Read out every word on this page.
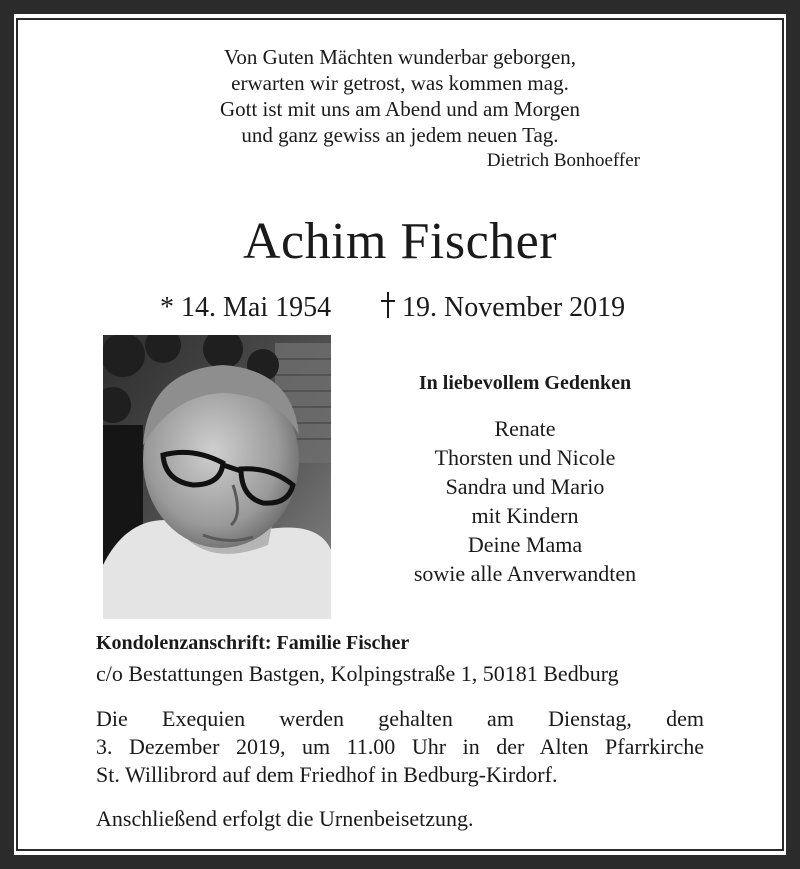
Von Guten Mächten wunderbar geborgen,
erwarten wir getrost, was kommen mag.
Gott ist mit uns am Abend und am Morgen
und ganz gewiss an jedem neuen Tag.
Dietrich Bonhoeffer
Achim Fischer
* 14. Mai 1954	19. November 2019
In liebevollem Gedenken
Renate
Thorsten und Nicole
Sandra und Mario
mit Kindern
Deine Mama
sowie alle Anverwandten
Kondolenzanschrift: Familie Fischer
c/o Bestattungen Bastgen, Kolpingstraße 1, 50181 Bedburg
Die Exequien werden gehalten am Dienstag, dem
3. Dezember 2019, um 11.00 Uhr in der Alten Pfarrkirche
St. Willibrord auf dem Friedhof in Bedburg-Kirdorf.
Anschließend erfolgt die Urnenbeisetzung.
